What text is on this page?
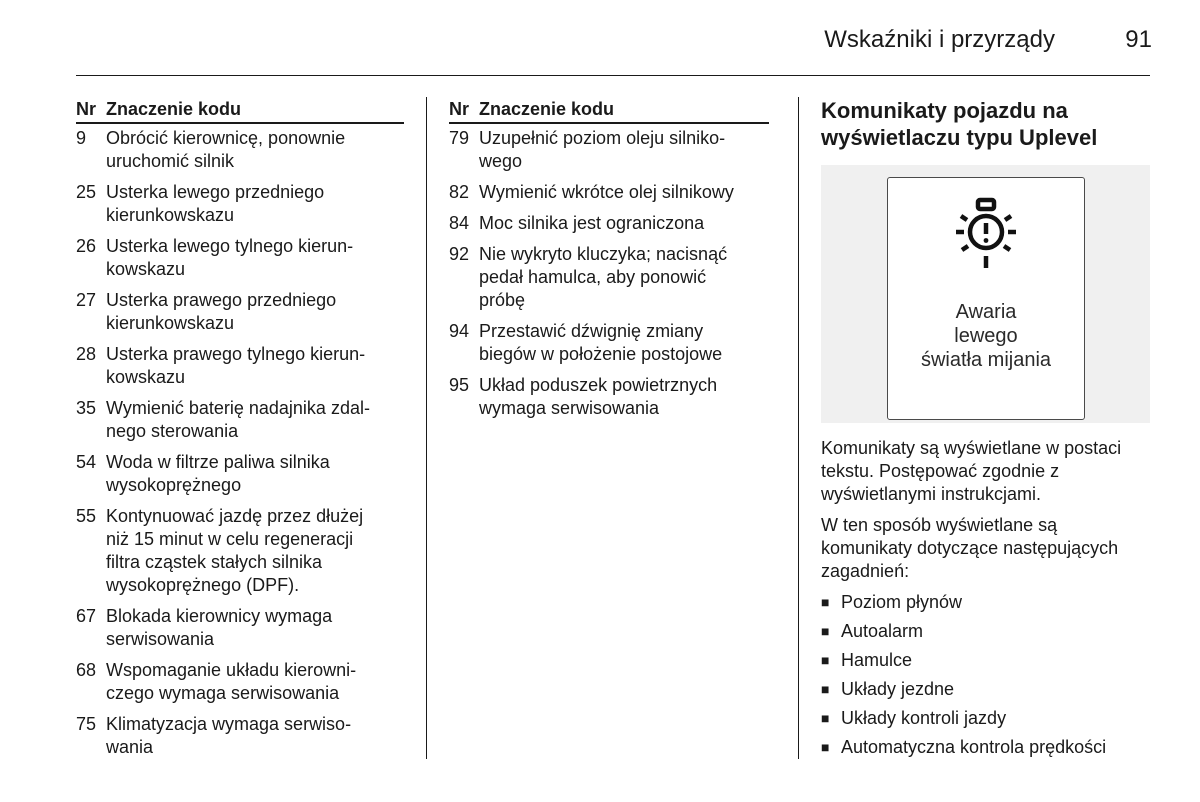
Wskaźniki i przyrządy	91
Nr Znaczenie kodu
9	Obrócić kierownicę, ponownie
uruchomić silnik
25 Usterka lewego przedniego
kierunkowskazu
26 Usterka lewego tylnego kierun-
kowskazu
27 Usterka prawego przedniego
kierunkowskazu
28 Usterka prawego tylnego kierun-
kowskazu
35 Wymienić baterię nadajnika zdal-
nego sterowania
54 Woda w filtrze paliwa silnika
wysokoprężnego
55 Kontynuować jazdę przez dłużej
niż 15 minut w celu regeneracji
filtra cząstek stałych silnika
wysokoprężnego (DPF).
67 Blokada kierownicy wymaga
serwisowania
68 Wspomaganie układu kierowni-
czego wymaga serwisowania
75 Klimatyzacja wymaga serwiso-
wania
Nr Znaczenie kodu
79 Uzupełnić poziom oleju silniko-
wego
82 Wymienić wkrótce olej silnikowy
84 Moc silnika jest ograniczona
92 Nie wykryto kluczyka; nacisnąć
pedał hamulca, aby ponowić
próbę
94 Przestawić dźwignię zmiany
biegów w położenie postojowe
95 Układ poduszek powietrznych
wymaga serwisowania
Komunikaty pojazdu na
wyświetlaczu typu Uplevel
Awaria
lewego
światła mijania

Komunikaty są wyświetlane w postaci
tekstu. Postępować zgodnie z
wyświetlanymi instrukcjami.

W ten sposób wyświetlane są
komunikaty dotyczące następujących
zagadnień:

■ Poziom płynów
■ Autoalarm
■ Hamulce
■ Układy jezdne
■ Układy kontroli jazdy
■ Automatyczna kontrola prędkości
